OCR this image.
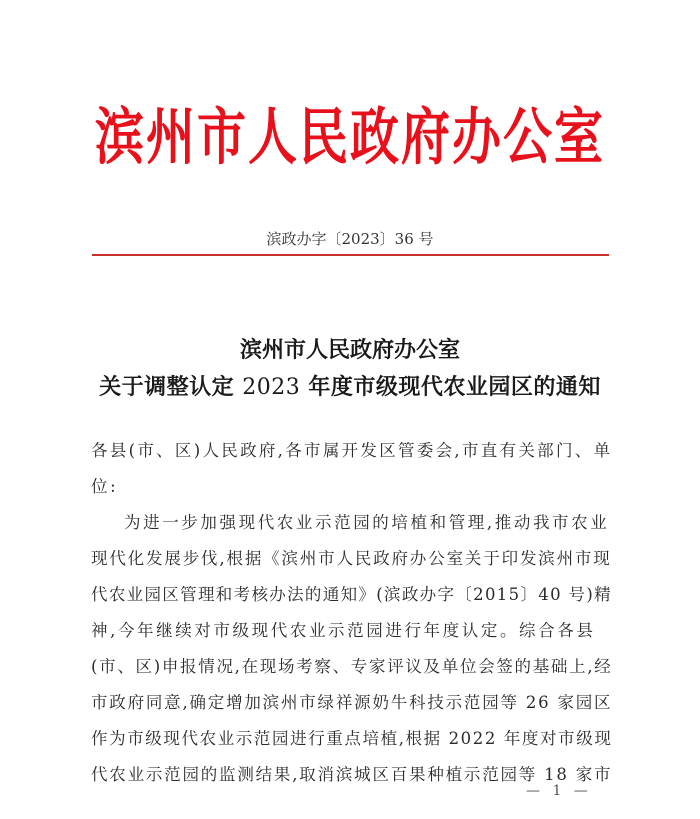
滨州市人民政府办公室
滨政办字〔2023〕36 号
滨州市人民政府办公室
关于调整认定 2023 年度市级现代农业园区的通知
各县(市、区)人民政府,各市属开发区管委会,市直有关部门、单
位:
为进一步加强现代农业示范园的培植和管理,推动我市农业
现代化发展步伐,根据《滨州市人民政府办公室关于印发滨州市现
代农业园区管理和考核办法的通知》(滨政办字〔2015〕40 号)精
神,今年继续对市级现代农业示范园进行年度认定。综合各县
(市、区)申报情况,在现场考察、专家评议及单位会签的基础上,经
市政府同意,确定增加滨州市绿祥源奶牛科技示范园等 26 家园区
作为市级现代农业示范园进行重点培植,根据 2022 年度对市级现
代农业示范园的监测结果,取消滨城区百果种植示范园等 18 家市
— 1 —
